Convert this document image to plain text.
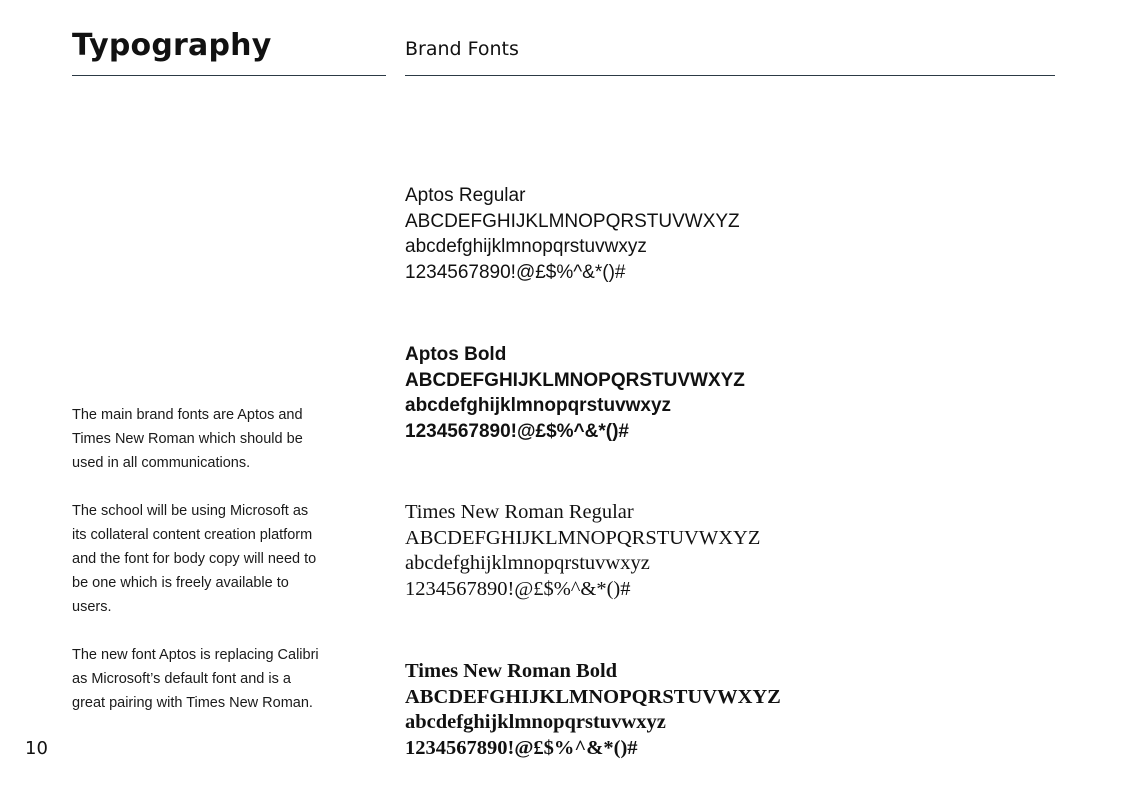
Typography	Brand Fonts

The main brand fonts are Aptos and Times New Roman which should be used in all communications.

The school will be using Microsoft as its collateral content creation platform and the font for body copy will need to be one which is freely available to users.

The new font Aptos is replacing Calibri as Microsoft’s default font and is a great pairing with Times New Roman.

Aptos Regular
ABCDEFGHIJKLMNOPQRSTUVWXYZ
abcdefghijklmnopqrstuvwxyz
1234567890!@£$%^&*()#
Aptos Bold
ABCDEFGHIJKLMNOPQRSTUVWXYZ
abcdefghijklmnopqrstuvwxyz
1234567890!@£$%^&*()#
Times New Roman Regular
ABCDEFGHIJKLMNOPQRSTUVWXYZ
abcdefghijklmnopqrstuvwxyz
1234567890!@£$%^&*()#
Times New Roman Bold
ABCDEFGHIJKLMNOPQRSTUVWXYZ
abcdefghijklmnopqrstuvwxyz
1234567890!@£$%^&*()#
10
